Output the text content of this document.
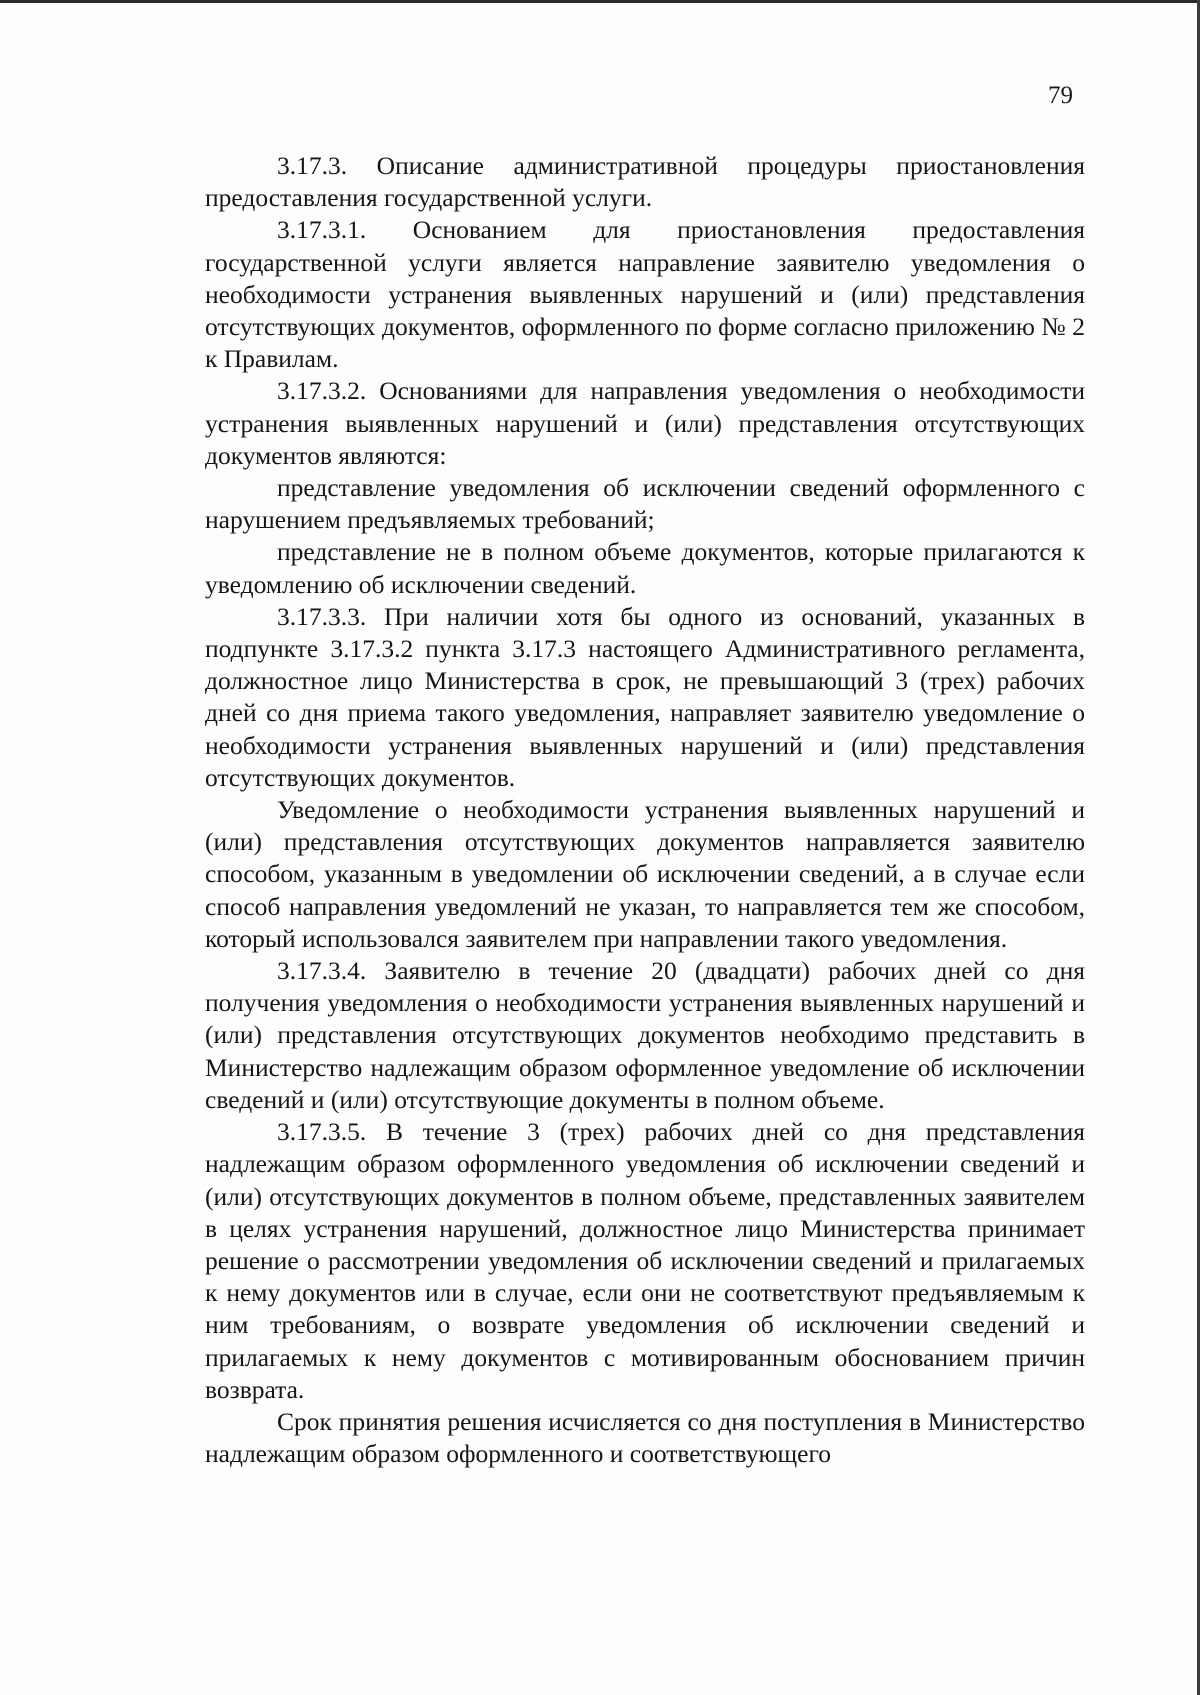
79

3.17.3. Описание административной процедуры приостановления предоставления государственной услуги.

3.17.3.1. Основанием для приостановления предоставления государственной услуги является направление заявителю уведомления о необходимости устранения выявленных нарушений и (или) представления отсутствующих документов, оформленного по форме согласно приложению № 2 к Правилам.

3.17.3.2. Основаниями для направления уведомления о необходимости устранения выявленных нарушений и (или) представления отсутствующих документов являются:

представление уведомления об исключении сведений оформленного с нарушением предъявляемых требований;

представление не в полном объеме документов, которые прилагаются к уведомлению об исключении сведений.

3.17.3.3. При наличии хотя бы одного из оснований, указанных в подпункте 3.17.3.2 пункта 3.17.3 настоящего Административного регламента, должностное лицо Министерства в срок, не превышающий 3 (трех) рабочих дней со дня приема такого уведомления, направляет заявителю уведомление о необходимости устранения выявленных нарушений и (или) представления отсутствующих документов.

Уведомление о необходимости устранения выявленных нарушений и (или) представления отсутствующих документов направляется заявителю способом, указанным в уведомлении об исключении сведений, а в случае если способ направления уведомлений не указан, то направляется тем же способом, который использовался заявителем при направлении такого уведомления.

3.17.3.4. Заявителю в течение 20 (двадцати) рабочих дней со дня получения уведомления о необходимости устранения выявленных нарушений и (или) представления отсутствующих документов необходимо представить в Министерство надлежащим образом оформленное уведомление об исключении сведений и (или) отсутствующие документы в полном объеме.

3.17.3.5. В течение 3 (трех) рабочих дней со дня представления надлежащим образом оформленного уведомления об исключении сведений и (или) отсутствующих документов в полном объеме, представленных заявителем в целях устранения нарушений, должностное лицо Министерства принимает решение о рассмотрении уведомления об исключении сведений и прилагаемых к нему документов или в случае, если они не соответствуют предъявляемым к ним требованиям, о возврате уведомления об исключении сведений и прилагаемых к нему документов с мотивированным обоснованием причин возврата.

Срок принятия решения исчисляется со дня поступления в Министерство надлежащим образом оформленного и соответствующего
